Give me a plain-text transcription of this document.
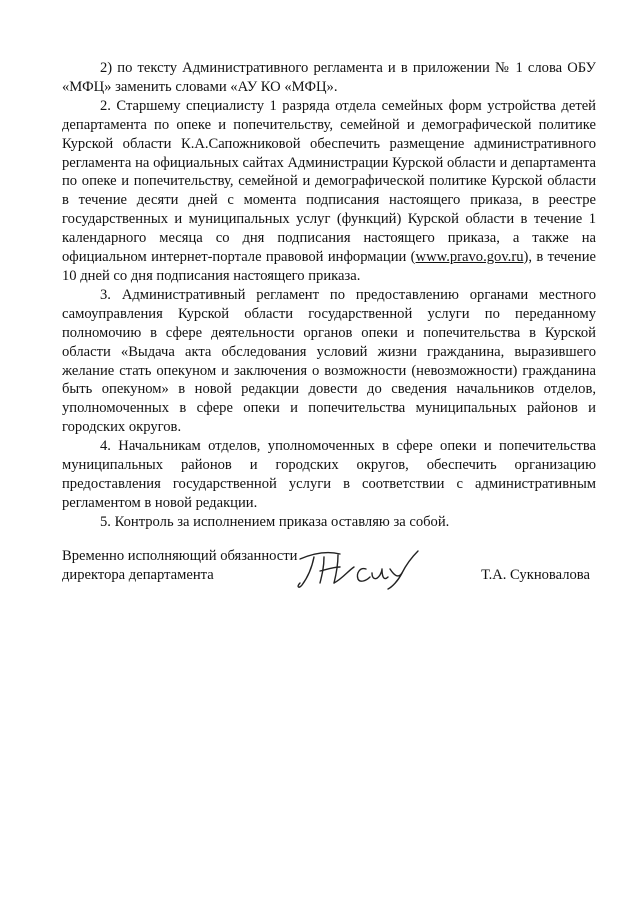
2) по тексту Административного регламента и в приложении № 1 слова ОБУ «МФЦ» заменить словами «АУ КО «МФЦ».

2. Старшему специалисту 1 разряда отдела семейных форм устройства детей департамента по опеке и попечительству, семейной и демографической политике Курской области К.А.Сапожниковой обеспечить размещение административного регламента на официальных сайтах Администрации Курской области и департамента по опеке и попечительству, семейной и демографической политике Курской области в течение десяти дней с момента подписания настоящего приказа, в реестре государственных и муниципальных услуг (функций) Курской области в течение 1 календарного месяца со дня подписания настоящего приказа, а также на официальном интернет-портале правовой информации (www.pravo.gov.ru), в течение 10 дней со дня подписания настоящего приказа.

3. Административный регламент по предоставлению органами местного самоуправления Курской области государственной услуги по переданному полномочию в сфере деятельности органов опеки и попечительства в Курской области «Выдача акта обследования условий жизни гражданина, выразившего желание стать опекуном и заключения о возможности (невозможности) гражданина быть опекуном» в новой редакции довести до сведения начальников отделов, уполномоченных в сфере опеки и попечительства муниципальных районов и городских округов.

4. Начальникам отделов, уполномоченных в сфере опеки и попечительства муниципальных районов и городских округов, обеспечить организацию предоставления государственной услуги в соответствии с административным регламентом в новой редакции.

5. Контроль за исполнением приказа оставляю за собой.

Временно исполняющий обязанности
директора департамента	Т.А. Сукновалова
